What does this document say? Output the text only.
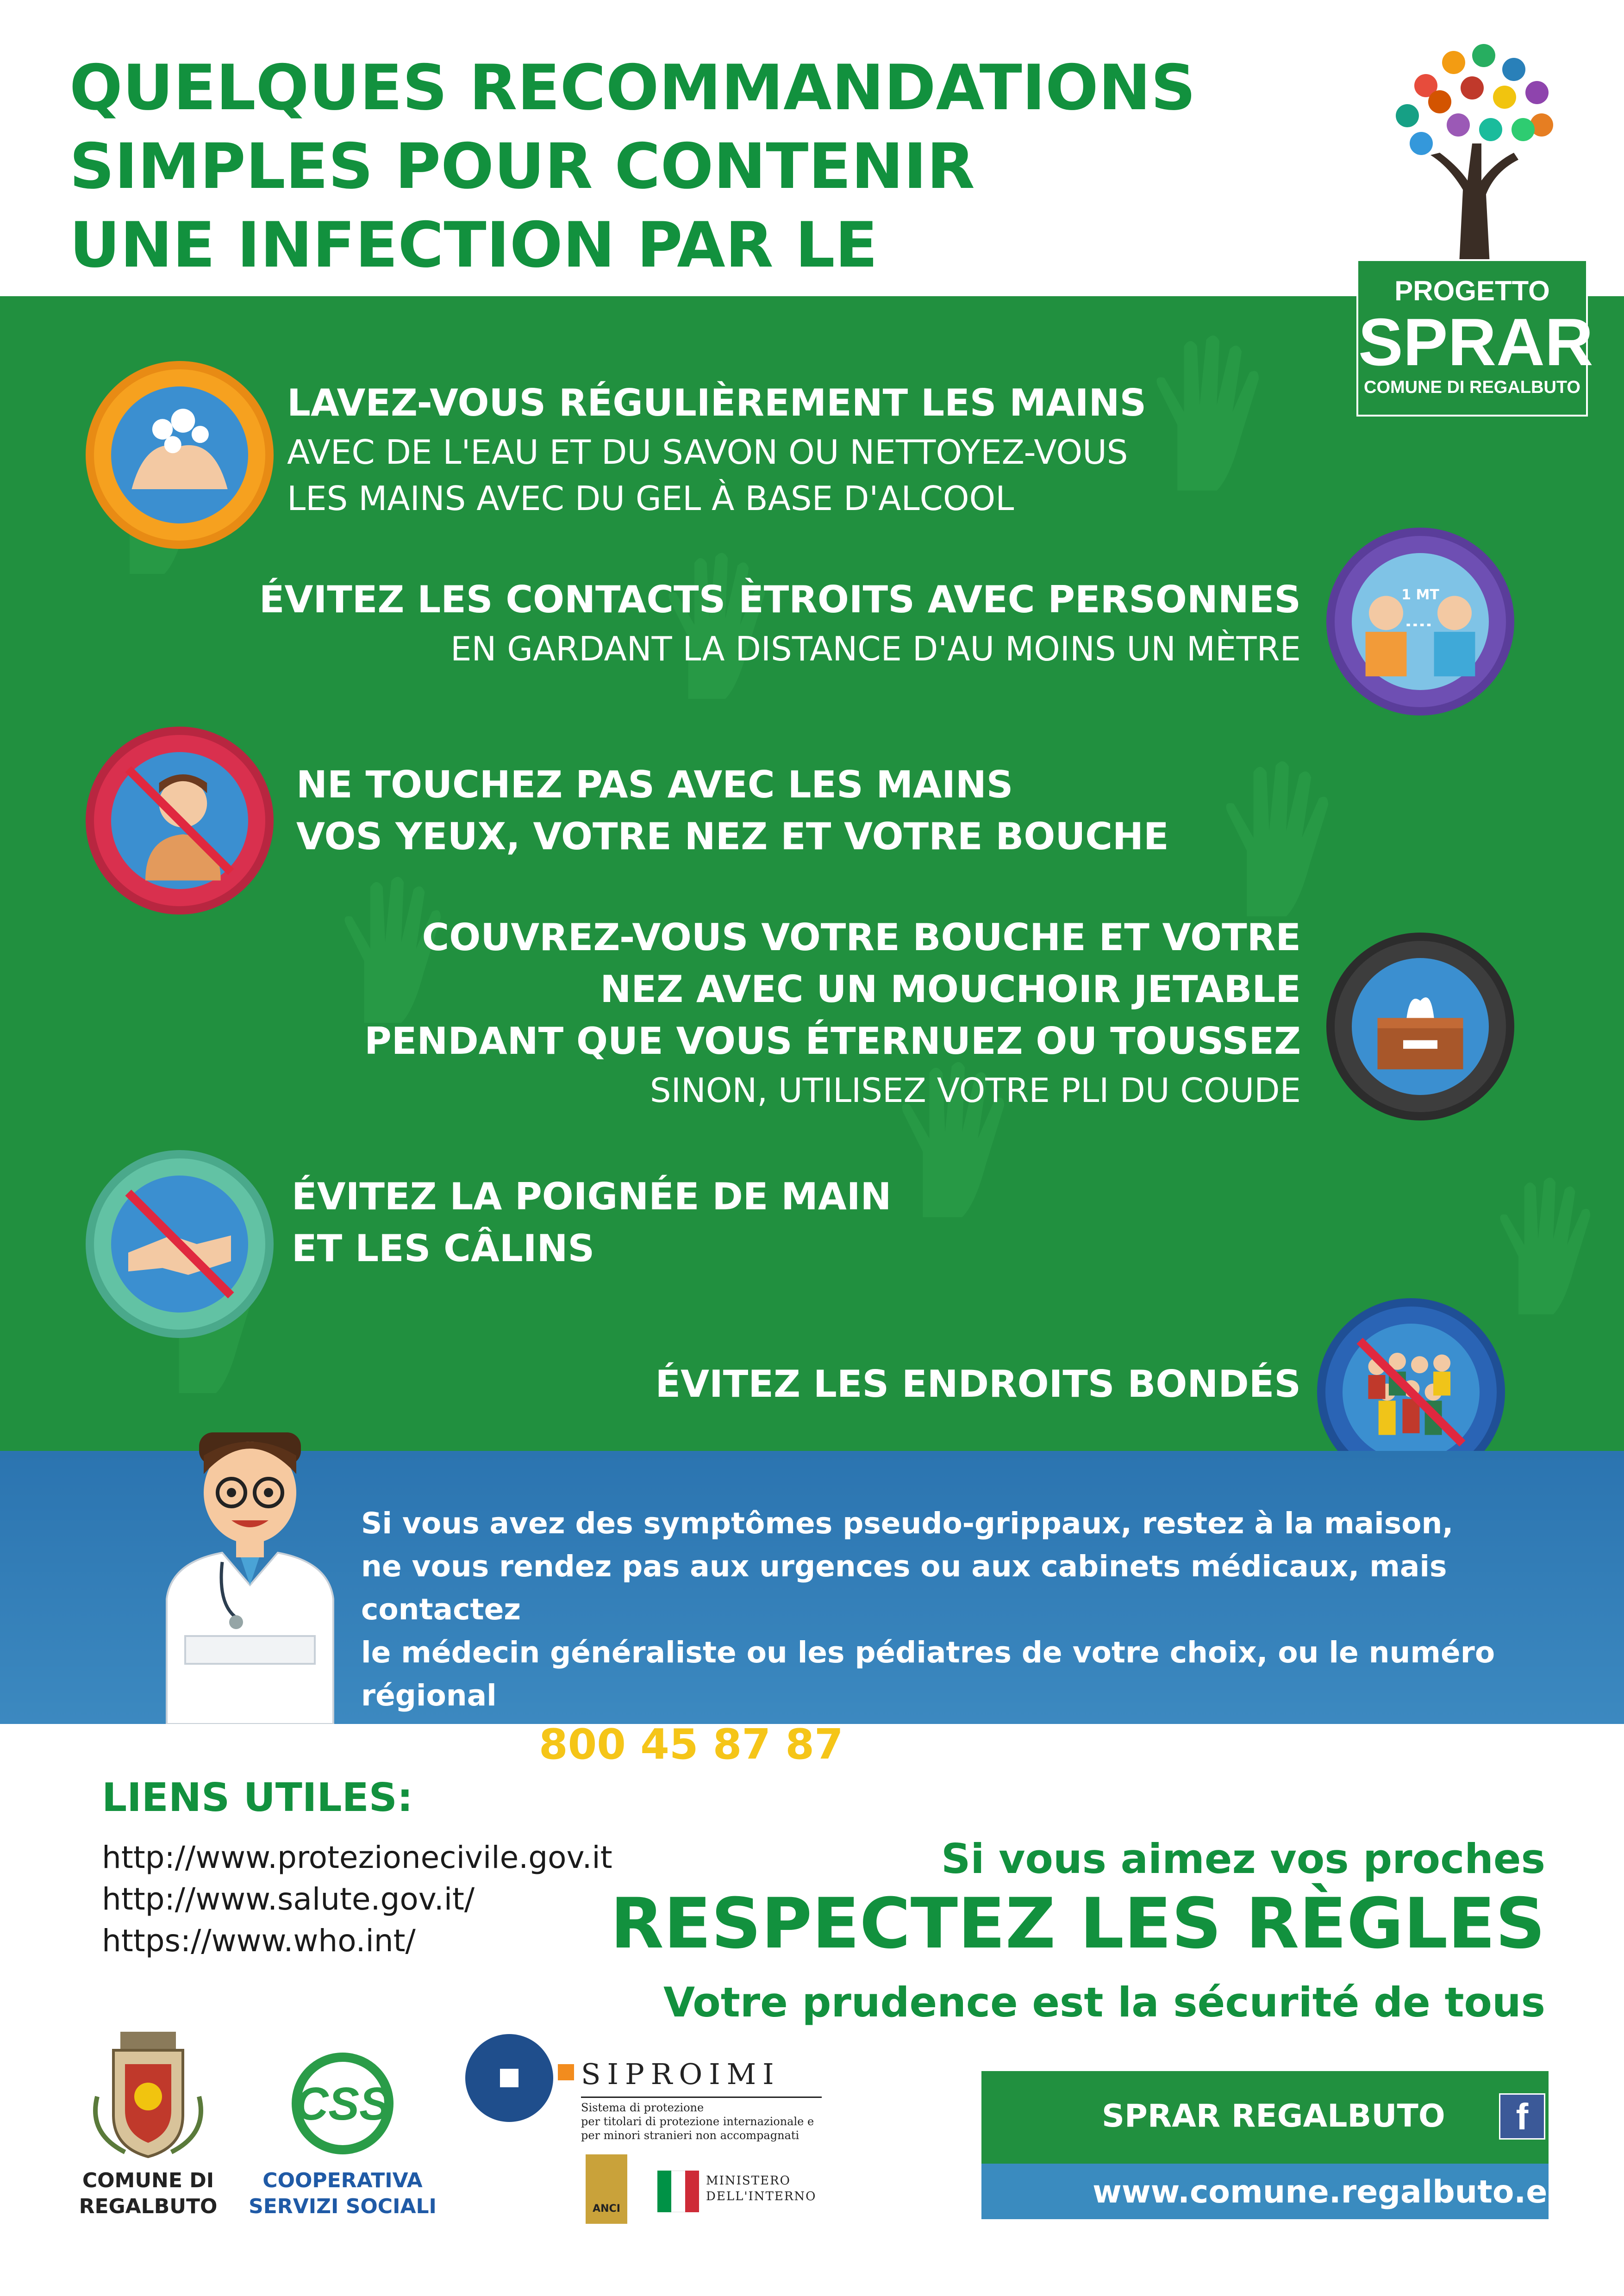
QUELQUES RECOMMANDATIONS
SIMPLES POUR CONTENIR
UNE INFECTION PAR LE
LAVEZ-VOUS RÉGULIÈREMENT LES MAINS
AVEC DE L'EAU ET DU SAVON OU NETTOYEZ-VOUS
LES MAINS AVEC DU GEL À BASE D'ALCOOL
ÉVITEZ LES CONTACTS ÈTROITS AVEC PERSONNES
EN GARDANT LA DISTANCE D'AU MOINS UN MÈTRE
1 MT
NE TOUCHEZ PAS AVEC LES MAINS
VOS YEUX, VOTRE NEZ ET VOTRE BOUCHE
COUVREZ-VOUS VOTRE BOUCHE ET VOTRE
NEZ AVEC UN MOUCHOIR JETABLE
PENDANT QUE VOUS ÉTERNUEZ OU TOUSSEZ
SINON, UTILISEZ VOTRE PLI DU COUDE
ÉVITEZ LA POIGNÉE DE MAIN
ET LES CÂLINS
ÉVITEZ LES ENDROITS BONDÉS
PROGETTO
SPRAR
COMUNE DI REGALBUTO
Si vous avez des symptômes pseudo-grippaux, restez à la maison,
ne vous rendez pas aux urgences ou aux cabinets médicaux, mais contactez
le médecin généraliste ou les pédiatres de votre choix, ou le numéro régional
SICILE: 800 45 87 87
LIENS UTILES:
http://www.protezionecivile.gov.it
http://www.salute.gov.it/
https://www.who.int/
Si vous aimez vos proches
RESPECTEZ LES RÈGLES
Votre prudence est la sécurité de tous
COMUNE DI
REGALBUTO
CSS
COOPERATIVA
SERVIZI SOCIALI
SIPROIMI
Sistema di protezione
per titolari di protezione internazionale e
per minori stranieri non accompagnati
ANCI
MINISTERO
DELL'INTERNO
SPRAR REGALBUTO	f
www.comune.regalbuto.en.it
